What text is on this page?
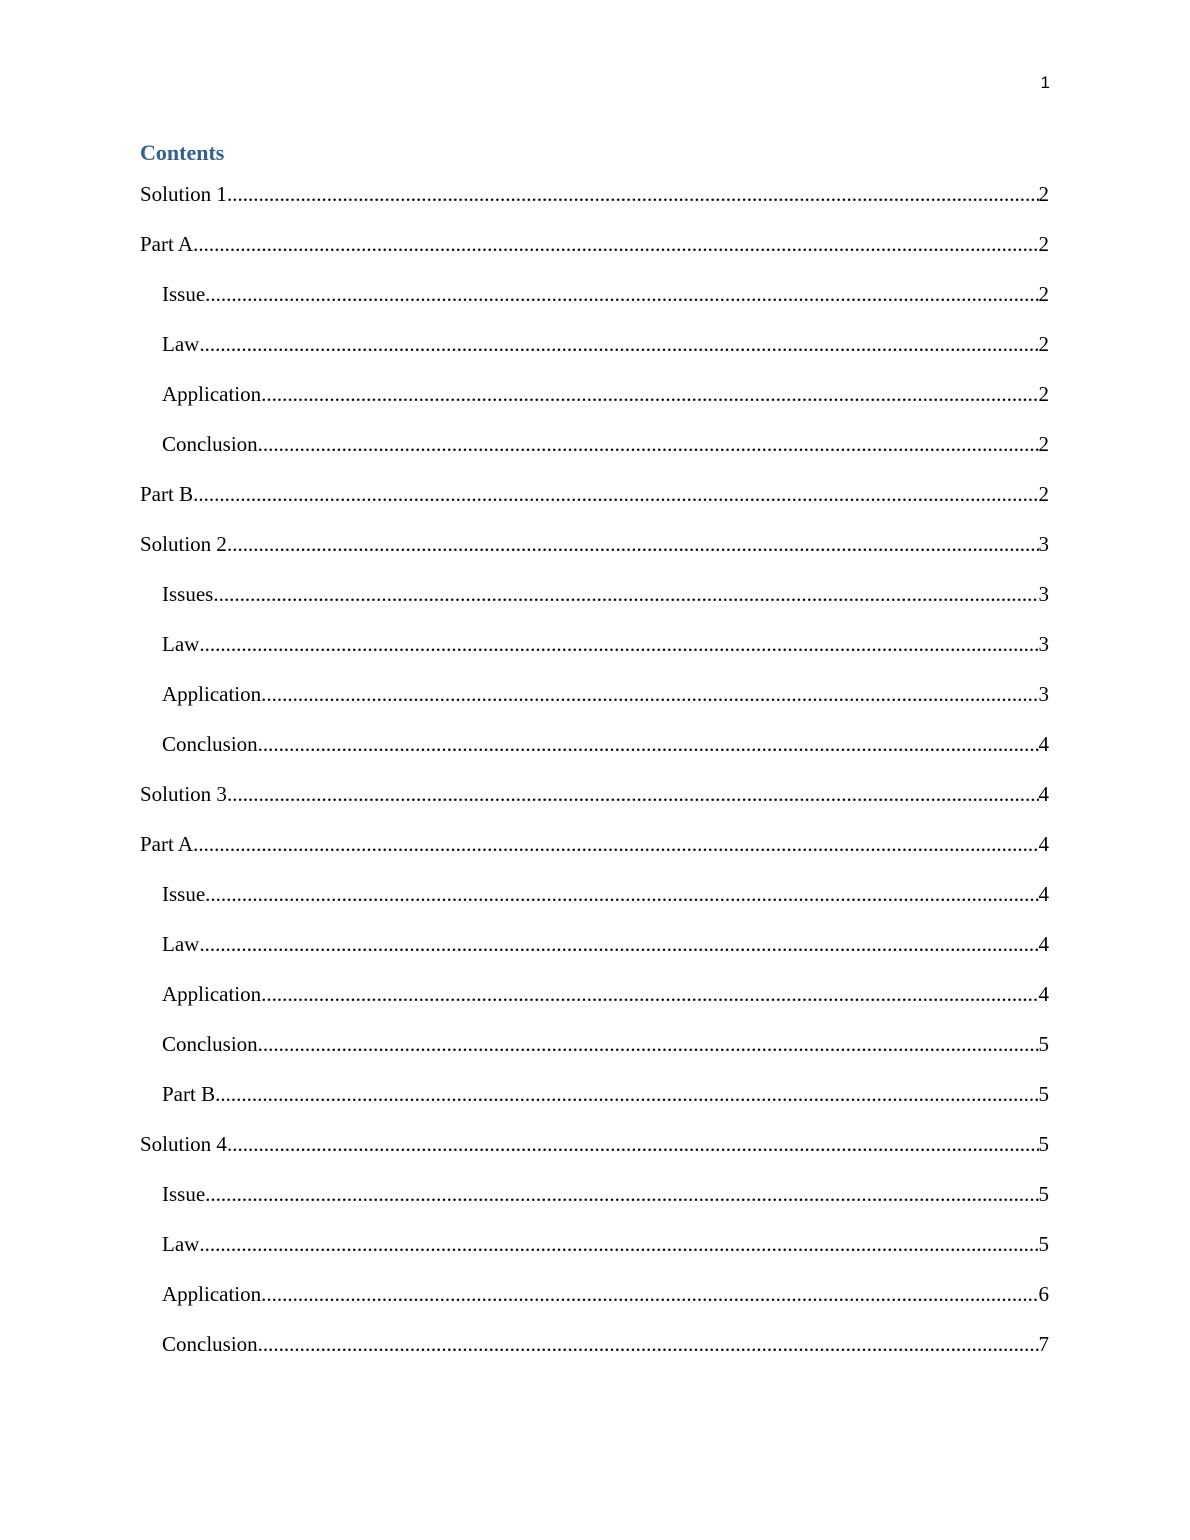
1
Contents
Solution 1 .....	2
Part A .....	2
Issue .....	2
Law .....	2
Application .....	2
Conclusion .....	2
Part B .....	2
Solution 2 .....	3
Issues .....	3
Law .....	3
Application .....	3
Conclusion .....	4
Solution 3 .....	4
Part A .....	4
Issue .....	4
Law .....	4
Application .....	4
Conclusion .....	5
Part B .....	5
Solution 4 .....	5
Issue .....	5
Law .....	5
Application .....	6
Conclusion .....	7
